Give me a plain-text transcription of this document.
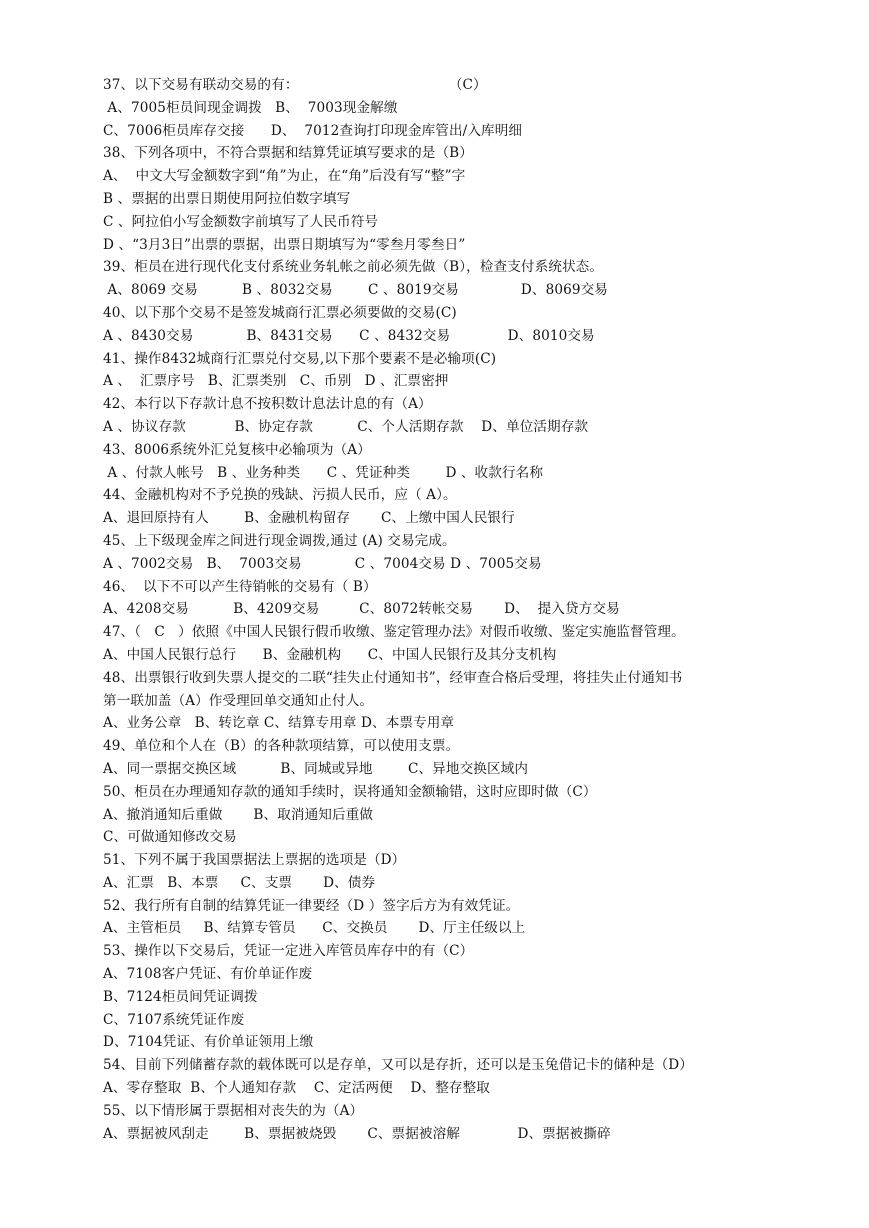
37、以下交易有联动交易的有：                                  （C）
A、7005柜员间现金调拨   B、  7003现金解缴
C、7006柜员库存交接      D、  7012查询打印现金库管出/入库明细
38、下列各项中，不符合票据和结算凭证填写要求的是（B）
A、  中文大写金额数字到“角”为止，在“角”后没有写“整”字
B 、票据的出票日期使用阿拉伯数字填写
C 、阿拉伯小写金额数字前填写了人民币符号
D 、“3月3日”出票的票据，出票日期填写为“零叁月零叁日”
39、柜员在进行现代化支付系统业务轧帐之前必须先做（B），检查支付系统状态。
A、8069 交易          B 、8032交易        C 、8019交易              D、8069交易
40、以下那个交易不是签发城商行汇票必须要做的交易(C)
A 、8430交易            B、8431交易      C 、8432交易             D、8010交易
41、操作8432城商行汇票兑付交易,以下那个要素不是必输项(C)
A 、  汇票序号   B、汇票类别   C、币别   D 、汇票密押
42、本行以下存款计息不按积数计息法计息的有（A）
A 、协议存款           B、协定存款          C、个人活期存款    D、单位活期存款
43、8006系统外汇兑复核中必输项为（A）
A 、付款人帐号   B 、业务种类      C 、凭证种类        D 、收款行名称
44、金融机构对不予兑换的残缺、污损人民币，应（ A）。
A、退回原持有人        B、金融机构留存       C、上缴中国人民银行
45、上下级现金库之间进行现金调拨,通过 (A) 交易完成。
A 、7002交易   B、  7003交易            C 、7004交易 D 、7005交易
46、  以下不可以产生待销帐的交易有（ B）
A、4208交易          B、4209交易         C、8072转帐交易       D、  提入贷方交易
47、（   C   ）依照《中国人民银行假币收缴、鉴定管理办法》对假币收缴、鉴定实施监督管理。
A、中国人民银行总行      B、金融机构      C、中国人民银行及其分支机构
48、出票银行收到失票人提交的二联“挂失止付通知书”，经审查合格后受理，将挂失止付通知书
第一联加盖（A）作受理回单交通知止付人。
A、业务公章   B、转讫章 C、结算专用章 D、本票专用章
49、单位和个人在（B）的各种款项结算，可以使用支票。
A、同一票据交换区域          B、同城或异地        C、异地交换区域内
50、柜员在办理通知存款的通知手续时，误将通知金额输错，这时应即时做（C）
A、撤消通知后重做       B、取消通知后重做
C、可做通知修改交易
51、下列不属于我国票据法上票据的选项是（D）
A、汇票   B、本票     C、支票       D、债券
52、我行所有自制的结算凭证一律要经（D ）签字后方为有效凭证。
A、主管柜员     B、结算专管员      C、交换员       D、厅主任级以上
53、操作以下交易后，凭证一定进入库管员库存中的有（C）
A、7108客户凭证、有价单证作废
B、7124柜员间凭证调拨
C、7107系统凭证作废
D、7104凭证、有价单证领用上缴
54、目前下列储蓄存款的载体既可以是存单，又可以是存折，还可以是玉兔借记卡的储种是（D）
A、零存整取  B、个人通知存款    C、定活两便    D、整存整取
55、以下情形属于票据相对丧失的为（A）
A、票据被风刮走        B、票据被烧毁       C、票据被溶解             D、票据被撕碎
